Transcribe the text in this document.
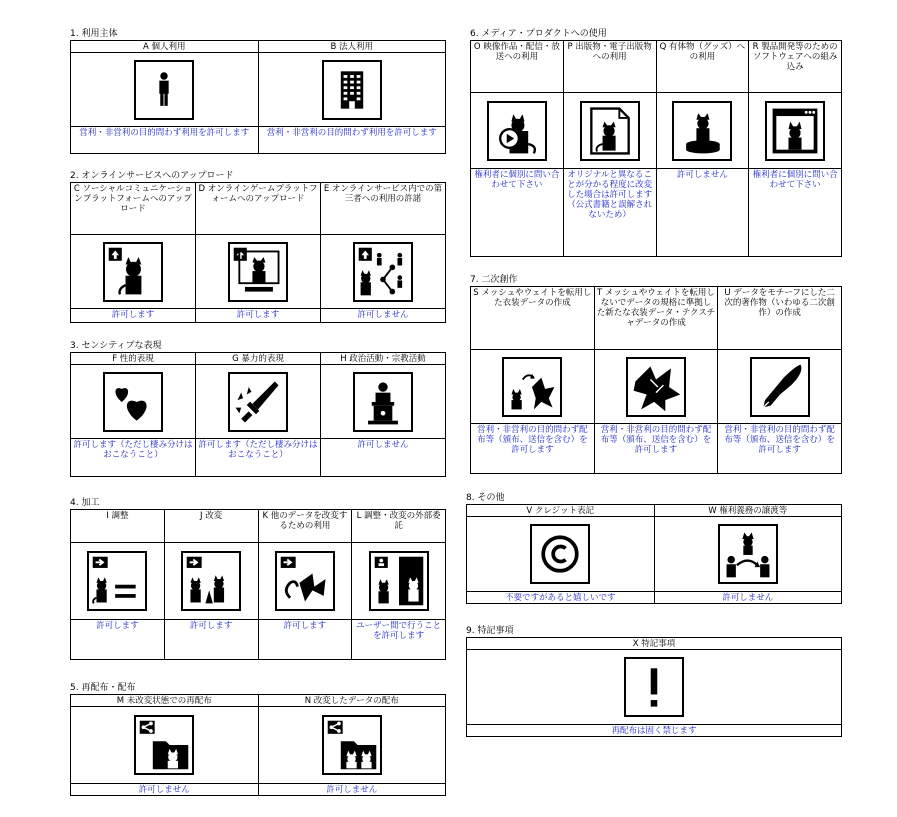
1. 利用主体
A 個人利用	B 法人利用

営利・非営利の目的問わず利用を許可します	営利・非営利の目的問わず利用を許可します
2. オンラインサービスへのアップロード
C ソーシャルコミュニケーションプラットフォームへのアップロード	D オンラインゲームプラットフォームへのアップロード	E オンラインサービス内での第三者への利用の許諾

許可します	許可します	許可しません
3. センシティブな表現
F 性的表現	G 暴力的表現	H 政治活動・宗教活動

許可します（ただし棲み分けはおこなうこと）	許可します（ただし棲み分けはおこなうこと）	許可しません
4. 加工
I 調整	J 改変	K 他のデータを改変するための利用	L 調整・改変の外部委託

許可します	許可します	許可します	ユーザー間で行うことを許可します
5. 再配布・配布
M 未改変状態での再配布	N 改変したデータの配布

許可しません	許可しません
6. メディア・プロダクトへの使用
O 映像作品・配信・放送への利用	P 出版物・電子出版物への利用	Q 有体物（グッズ）への利用	R 製品開発等のためのソフトウェアへの組み込み

権利者に個別に問い合わせて下さい	オリジナルと異なることが分かる程度に改変した場合は許可します（公式書籍と誤解されないため）	許可しません	権利者に個別に問い合わせて下さい
7. 二次創作
S メッシュやウェイトを転用した衣装データの作成	T メッシュやウェイトを転用しないでデータの規格に準拠した新たな衣装データ・テクスチャデータの作成	U データをモチーフにした二次的著作物（いわゆる二次創作）の作成

営利・非営利の目的問わず配布等（頒布、送信を含む）を許可します	営利・非営利の目的問わず配布等（頒布、送信を含む）を許可します	営利・非営利の目的問わず配布等（頒布、送信を含む）を許可します
8. その他
V クレジット表記	W 権利義務の譲渡等

不要ですがあると嬉しいです	許可しません
9. 特記事項
X 特記事項

再配布は固く禁じます
